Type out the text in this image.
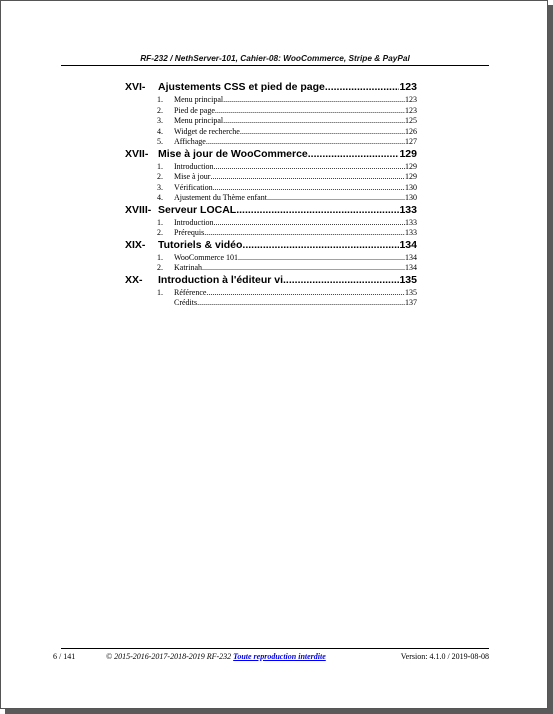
RF-232 / NethServer-101, Cahier-08: WooCommerce, Stripe & PayPal
XVI-	Ajustements CSS et pied de page .....	123
1.	Menu principal .....	123
2.	Pied de page .....	123
3.	Menu principal .....	125
4.	Widget de recherche .....	126
5.	Affichage .....	127
XVII- Mise à jour de WooCommerce .....	129
1.	Introduction .....	129
2.	Mise à jour .....	129
3.	Vérification .....	130
4.	Ajustement du Thème enfant .....	130
XVIII- Serveur LOCAL .....	133
1.	Introduction .....	133
2.	Prérequis .....	133
XIX-	Tutoriels & vidéo .....	134
1.	WooCommerce 101 .....	134
2.	Katrinah .....	134
XX-	Introduction à l'éditeur vi .....	135
1.	Référence .....	135
Crédits .....	137
6 / 141	© 2015-2016-2017-2018-2019 RF-232 Toute reproduction interdite	Version: 4.1.0 / 2019-08-08
